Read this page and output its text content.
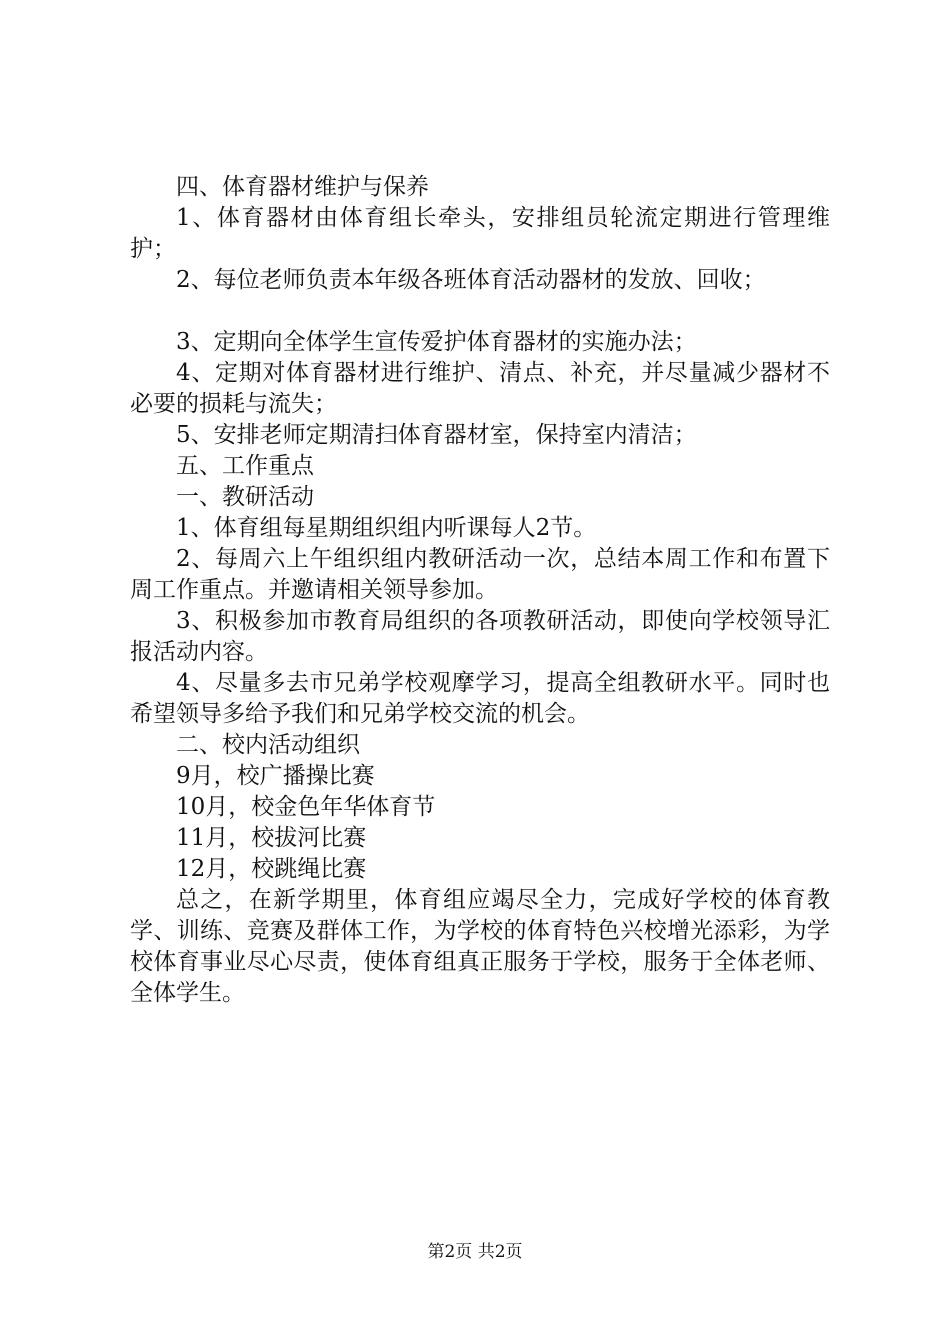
四、体育器材维护与保养

1、体育器材由体育组长牵头，安排组员轮流定期进行管理维护；

2、每位老师负责本年级各班体育活动器材的发放、回收；

3、定期向全体学生宣传爱护体育器材的实施办法；

4、定期对体育器材进行维护、清点、补充，并尽量减少器材不必要的损耗与流失；

5、安排老师定期清扫体育器材室，保持室内清洁；

五、工作重点

一、教研活动

1、体育组每星期组织组内听课每人2节。

2、每周六上午组织组内教研活动一次，总结本周工作和布置下周工作重点。并邀请相关领导参加。

3、积极参加市教育局组织的各项教研活动，即使向学校领导汇报活动内容。

4、尽量多去市兄弟学校观摩学习，提高全组教研水平。同时也希望领导多给予我们和兄弟学校交流的机会。

二、校内活动组织

9月，校广播操比赛

10月，校金色年华体育节

11月，校拔河比赛

12月，校跳绳比赛

总之，在新学期里，体育组应竭尽全力，完成好学校的体育教学、训练、竞赛及群体工作，为学校的体育特色兴校增光添彩，为学校体育事业尽心尽责，使体育组真正服务于学校，服务于全体老师、全体学生。

第2页 共2页
